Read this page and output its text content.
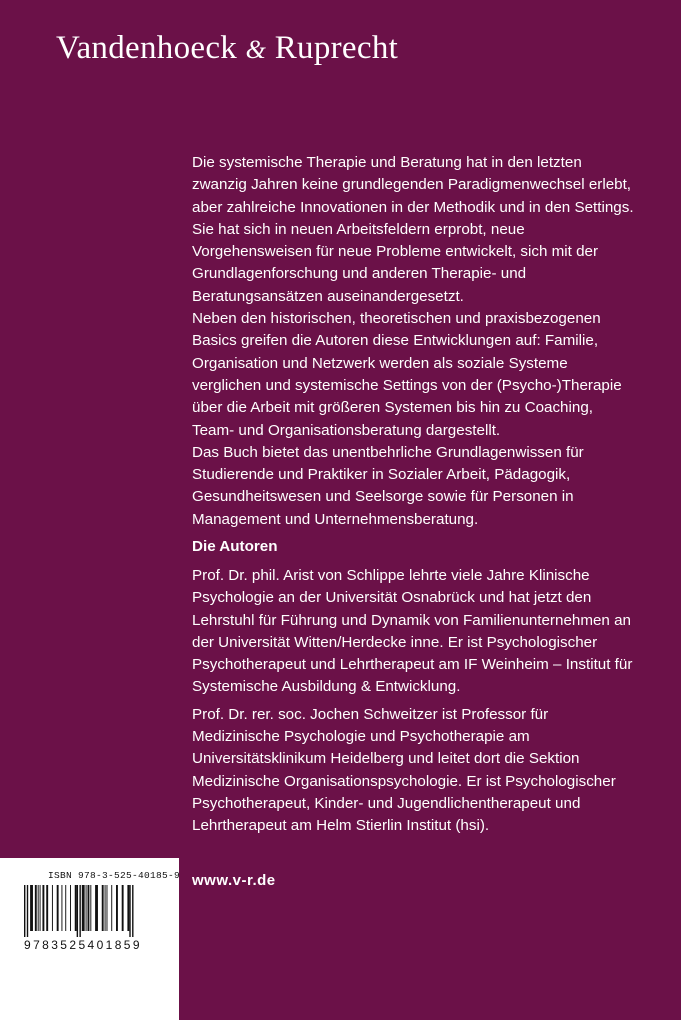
Vandenhoeck & Ruprecht

Die systemische Therapie und Beratung hat in den letzten zwanzig Jahren keine grundlegenden Paradigmenwechsel erlebt, aber zahlreiche Innovationen in der Methodik und in den Settings. Sie hat sich in neuen Arbeitsfeldern erprobt, neue Vorgehensweisen für neue Probleme entwickelt, sich mit der Grundlagenforschung und anderen Therapie- und Beratungsansätzen auseinandergesetzt.

Neben den historischen, theoretischen und praxisbezogenen Basics greifen die Autoren diese Entwicklungen auf: Familie, Organisation und Netzwerk werden als soziale Systeme verglichen und systemische Settings von der (Psycho-)Therapie über die Arbeit mit größeren Systemen bis hin zu Coaching, Team- und Organisationsberatung dargestellt.

Das Buch bietet das unentbehrliche Grundlagenwissen für Studierende und Praktiker in Sozialer Arbeit, Pädagogik, Gesundheitswesen und Seelsorge sowie für Personen in Management und Unternehmensberatung.

Die Autoren

Prof. Dr. phil. Arist von Schlippe lehrte viele Jahre Klinische Psychologie an der Universität Osnabrück und hat jetzt den Lehrstuhl für Führung und Dynamik von Familienunternehmen an der Universität Witten/Herdecke inne. Er ist Psychologischer Psychotherapeut und Lehrtherapeut am IF Weinheim – Institut für Systemische Ausbildung & Entwicklung.

Prof. Dr. rer. soc. Jochen Schweitzer ist Professor für Medizinische Psychologie und Psychotherapie am Universitätsklinikum Heidelberg und leitet dort die Sektion Medizinische Organisationspsychologie. Er ist Psychologischer Psychotherapeut, Kinder- und Jugendlichentherapeut und Lehrtherapeut am Helm Stierlin Institut (hsi).

www.v-r.de
ISBN 978-3-525-40185-9
9783525401859
